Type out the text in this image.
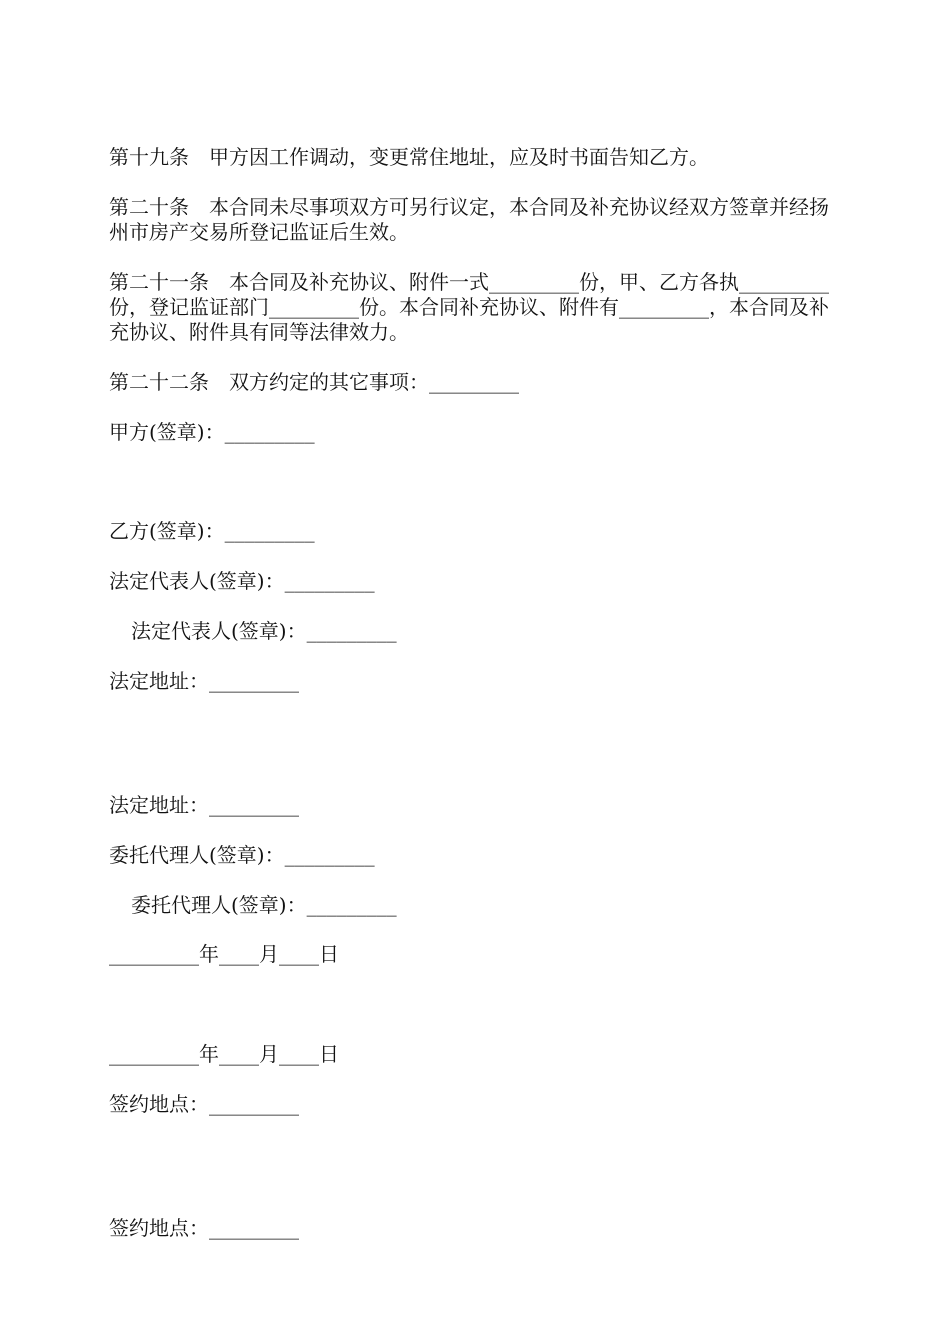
第十九条　甲方因工作调动，变更常住地址，应及时书面告知乙方。
第二十条　本合同未尽事项双方可另行议定，本合同及补充协议经双方签章并经扬州市房产交易所登记监证后生效。
第二十一条　本合同及补充协议、附件一式_________份，甲、乙方各执_________份，登记监证部门_________份。本合同补充协议、附件有_________，本合同及补充协议、附件具有同等法律效力。
第二十二条　双方约定的其它事项：_________
甲方(签章)：_________
乙方(签章)：_________
法定代表人(签章)：_________
法定代表人(签章)：_________
法定地址：_________
法定地址：_________
委托代理人(签章)：_________
委托代理人(签章)：_________
_________年____月____日
_________年____月____日
签约地点：_________
签约地点：_________
